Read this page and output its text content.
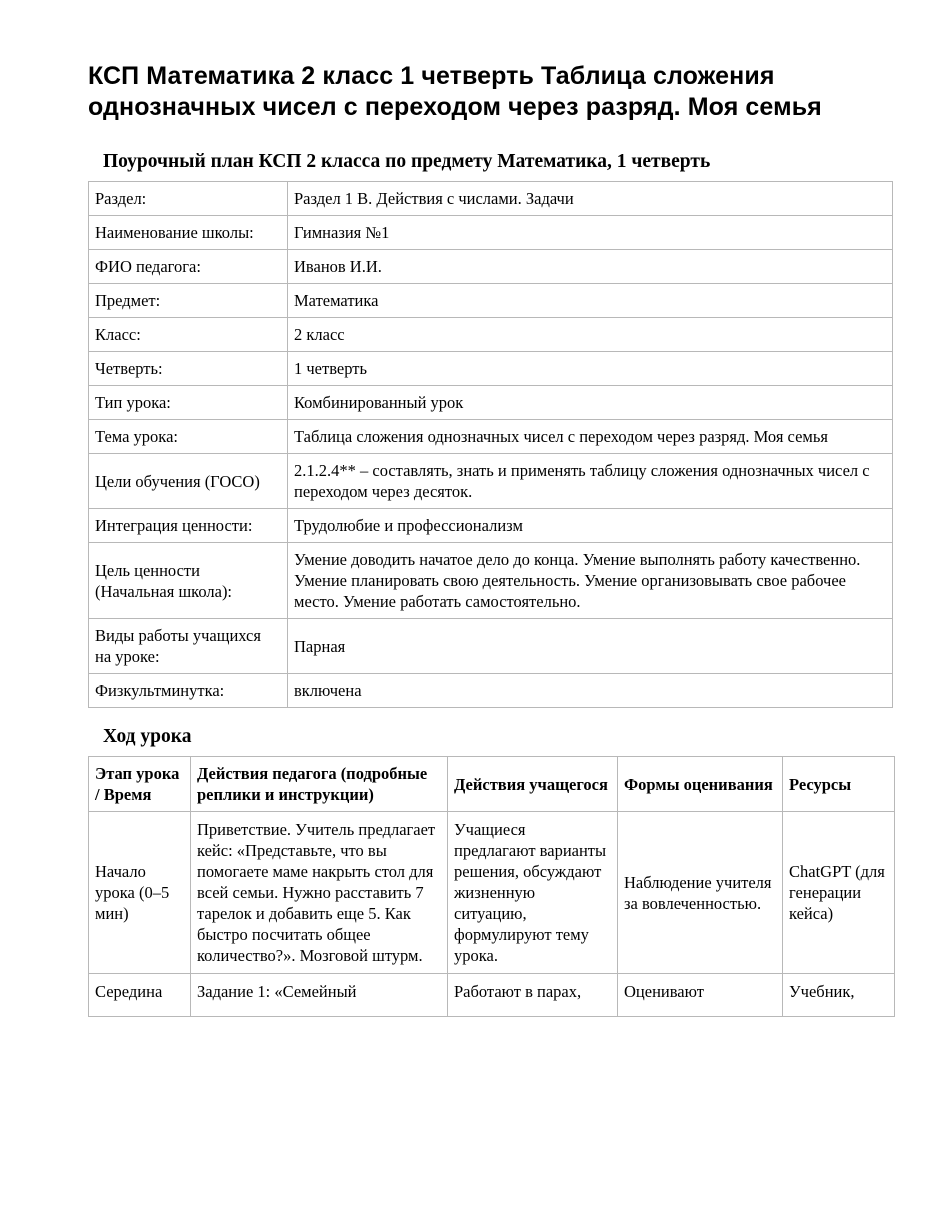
КСП Математика 2 класс 1 четверть Таблица сложения однозначных чисел с переходом через разряд. Моя семья
Поурочный план КСП 2 класса по предмету Математика, 1 четверть
Раздел:	Раздел 1 В. Действия с числами. Задачи
Наименование школы:	Гимназия №1
ФИО педагога:	Иванов И.И.
Предмет:	Математика
Класс:	2 класс
Четверть:	1 четверть
Тип урока:	Комбинированный урок
Тема урока:	Таблица сложения однозначных чисел с переходом через разряд. Моя семья
Цели обучения (ГОСО)	2.1.2.4** – составлять, знать и применять таблицу сложения однозначных чисел с переходом через десяток.
Интеграция ценности:	Трудолюбие и профессионализм
Цель ценности (Начальная школа):	Умение доводить начатое дело до конца. Умение выполнять работу качественно. Умение планировать свою деятельность. Умение организовывать свое рабочее место. Умение работать самостоятельно.
Виды работы учащихся на уроке:	Парная
Физкультминутка:	включена
Ход урока
Этап урока / Время	Действия педагога (подробные реплики и инструкции)	Действия учащегося	Формы оценивания	Ресурсы
Начало урока (0–5 мин)	Приветствие. Учитель предлагает кейс: «Представьте, что вы помогаете маме накрыть стол для всей семьи. Нужно расставить 7 тарелок и добавить еще 5. Как быстро посчитать общее количество?». Мозговой штурм.	Учащиеся предлагают варианты решения, обсуждают жизненную ситуацию, формулируют тему урока.	Наблюдение учителя за вовлеченностью.	ChatGPT (для генерации кейса)
Середина	Задание 1: «Семейный	Работают в парах,	Оценивают	Учебник,
